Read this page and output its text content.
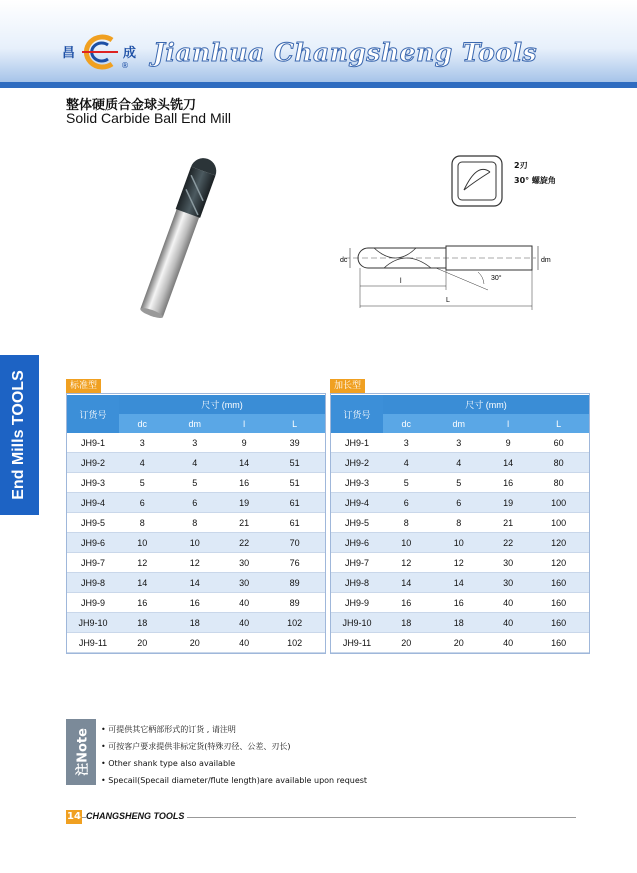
昌	成
® Jianhua Changsheng Tools
整体硬质合金球头铣刀
Solid Carbide Ball End Mill
End Mills TOOLS
2刃
30° 螺旋角
dc	dm
l
L
30°
标准型
订货号	尺寸 (mm)			
	dc	dm	l	L
JH9-1	3	3	9	39
JH9-2	4	4	14	51
JH9-3	5	5	16	51
JH9-4	6	6	19	61
JH9-5	8	8	21	61
JH9-6	10	10	22	70
JH9-7	12	12	30	76
JH9-8	14	14	30	89
JH9-9	16	16	40	89
JH9-10	18	18	40	102
JH9-11	20	20	40	102
加长型
订货号	尺寸 (mm)			
	dc	dm	l	L
JH9-1	3	3	9	60
JH9-2	4	4	14	80
JH9-3	5	5	16	80
JH9-4	6	6	19	100
JH9-5	8	8	21	100
JH9-6	10	10	22	120
JH9-7	12	12	30	120
JH9-8	14	14	30	160
JH9-9	16	16	40	160
JH9-10	18	18	40	160
JH9-11	20	20	40	160
注Note • 可提供其它柄部形式的订货 , 请注明
• 可按客户要求提供非标定货(特殊刃径、公差、刃长)
• Other shank type also available
• Specail(Specail diameter/flute length)are available upon request
14 CHANGSHENG TOOLS
